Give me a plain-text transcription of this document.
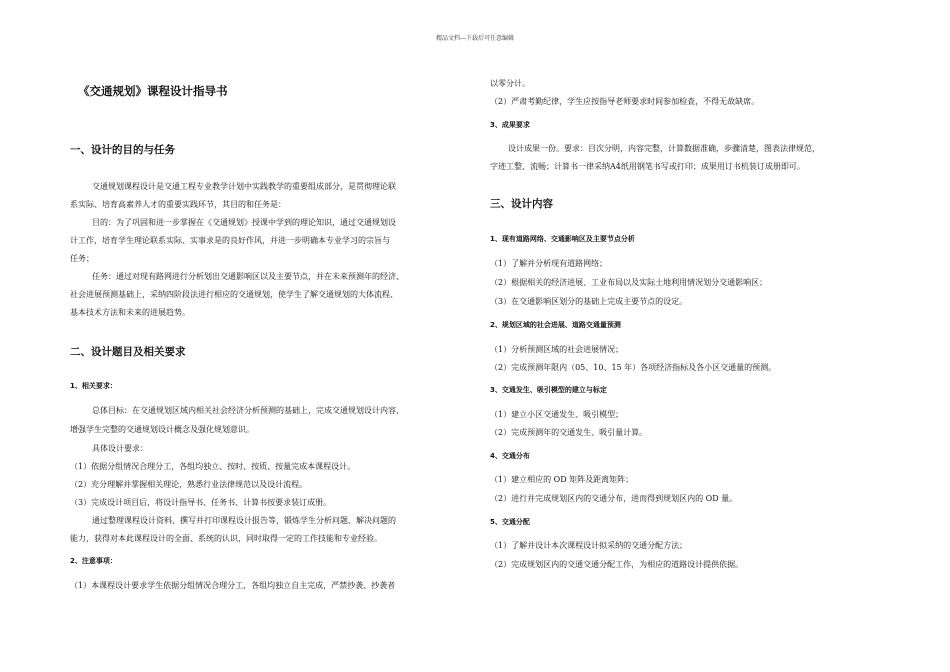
精品文档---下载后可任意编辑
《交通规划》课程设计指导书
一、设计的目的与任务
交通规划课程设计是交通工程专业教学计划中实践教学的重要组成部分，是贯彻理论联
系实际、培育高素养人才的重要实践环节，其目的和任务是：
目的：为了巩固和进一步掌握在《交通规划》授课中学到的理论知识，通过交通规划设
计工作，培育学生理论联系实际、实事求是的良好作风，并进一步明确本专业学习的宗旨与
任务；
任务：通过对现有路网进行分析划出交通影响区以及主要节点，并在未来预测年的经济、
社会进展预测基础上，采纳四阶段法进行相应的交通规划，使学生了解交通规划的大体流程、
基本技术方法和未来的进展趋势。
二、设计题目及相关要求
1、相关要求：
总体目标：在交通规划区域内相关社会经济分析预测的基础上，完成交通规划设计内容，
增强学生完整的交通规划设计概念及强化规划意识。
具体设计要求：
（1）依据分组情况合理分工，各组均独立、按时、按质、按量完成本课程设计。
（2）充分理解并掌握相关理论，熟悉行业法律规范以及设计流程。
（3）完成设计项目后，将设计指导书、任务书、计算书按要求装订成册。
通过整理课程设计资料、撰写并打印课程设计报告等，锻炼学生分析问题、解决问题的
能力，获得对本此课程设计的全面、系统的认识，同时取得一定的工作技能和专业经验。
2、注意事项：
（1）本课程设计要求学生依据分组情况合理分工，各组均独立自主完成，严禁抄袭、抄袭者
以零分计。
（2）严肃考勤纪律，学生应按指导老师要求时间参加检查，不得无故缺席。
3、成果要求
设计成果一份。要求：目次分明，内容完整，计算数据准确，步骤清楚，图表法律规范，
字迹工整、流畅；计算书一律采纳A4纸用钢笔书写或打印；成果用订书机装订成册即可。
三、设计内容
1、现有道路网络、交通影响区及主要节点分析
（1）了解并分析现有道路网络；
（2）根据相关的经济进展、工业布局以及实际土地利用情况划分交通影响区；
（3）在交通影响区划分的基础上完成主要节点的设定。
2、规划区域的社会进展、道路交通量预测
（1）分析预测区域的社会进展情况；
（2）完成预测年限内（05、10、15 年）各项经济指标及各小区交通量的预测。
3、交通发生、吸引模型的建立与标定
（1）建立小区交通发生、吸引模型；
（2）完成预测年的交通发生、吸引量计算。
4、交通分布
（1）建立相应的 OD 矩阵及距离矩阵；
（2）进行并完成规划区内的交通分布，进而得到规划区内的 OD 量。
5、交通分配
（1）了解并设计本次课程设计拟采纳的交通分配方法；
（2）完成规划区内的交通交通分配工作，为相应的道路设计提供依据。
